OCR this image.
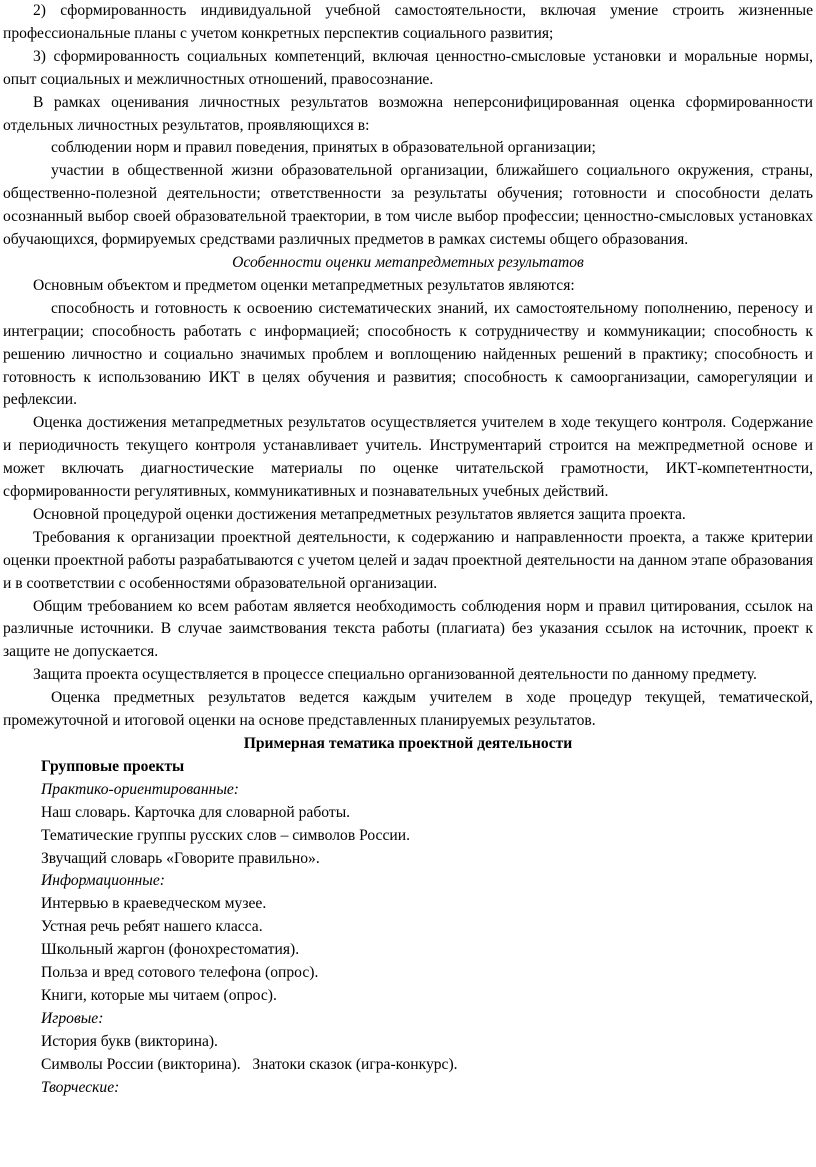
2) сформированность индивидуальной учебной самостоятельности, включая умение строить жизненные профессиональные планы с учетом конкретных перспектив социального развития;

3) сформированность социальных компетенций, включая ценностно-смысловые установки и моральные нормы, опыт социальных и межличностных отношений, правосознание.

В рамках оценивания личностных результатов возможна неперсонифицированная оценка сформированности отдельных личностных результатов, проявляющихся в:

соблюдении норм и правил поведения, принятых в образовательной организации;

участии в общественной жизни образовательной организации, ближайшего социального окружения, страны, общественно-полезной деятельности; ответственности за результаты обучения; готовности и способности делать осознанный выбор своей образовательной траектории, в том числе выбор профессии; ценностно-смысловых установках обучающихся, формируемых средствами различных предметов в рамках системы общего образования.

Особенности оценки метапредметных результатов

Основным объектом и предметом оценки метапредметных результатов являются:

способность и готовность к освоению систематических знаний, их самостоятельному пополнению, переносу и интеграции; способность работать с информацией; способность к сотрудничеству и коммуникации; способность к решению личностно и социально значимых проблем и воплощению найденных решений в практику; способность и готовность к использованию ИКТ в целях обучения и развития; способность к самоорганизации, саморегуляции и рефлексии.

Оценка достижения метапредметных результатов осуществляется учителем в ходе текущего контроля. Содержание и периодичность текущего контроля устанавливает учитель. Инструментарий строится на межпредметной основе и может включать диагностические материалы по оценке читательской грамотности, ИКТ-компетентности, сформированности регулятивных, коммуникативных и познавательных учебных действий.

Основной процедурой оценки достижения метапредметных результатов является защита проекта.

Требования к организации проектной деятельности, к содержанию и направленности проекта, а также критерии оценки проектной работы разрабатываются с учетом целей и задач проектной деятельности на данном этапе образования и в соответствии с особенностями образовательной организации.

Общим требованием ко всем работам является необходимость соблюдения норм и правил цитирования, ссылок на различные источники. В случае заимствования текста работы (плагиата) без указания ссылок на источник, проект к защите не допускается.

Защита проекта осуществляется в процессе специально организованной деятельности по данному предмету.

Оценка предметных результатов ведется каждым учителем в ходе процедур текущей, тематической, промежуточной и итоговой оценки на основе представленных планируемых результатов.

Примерная тематика проектной деятельности

Групповые проекты
Практико-ориентированные:
Наш словарь. Карточка для словарной работы.
Тематические группы русских слов – символов России.
Звучащий словарь «Говорите правильно».
Информационные:
Интервью в краеведческом музее.
Устная речь ребят нашего класса.
Школьный жаргон (фонохрестоматия).
Польза и вред сотового телефона (опрос).
Книги, которые мы читаем (опрос).
Игровые:
История букв (викторина).
Символы России (викторина).   Знатоки сказок (игра-конкурс).
Творческие:
